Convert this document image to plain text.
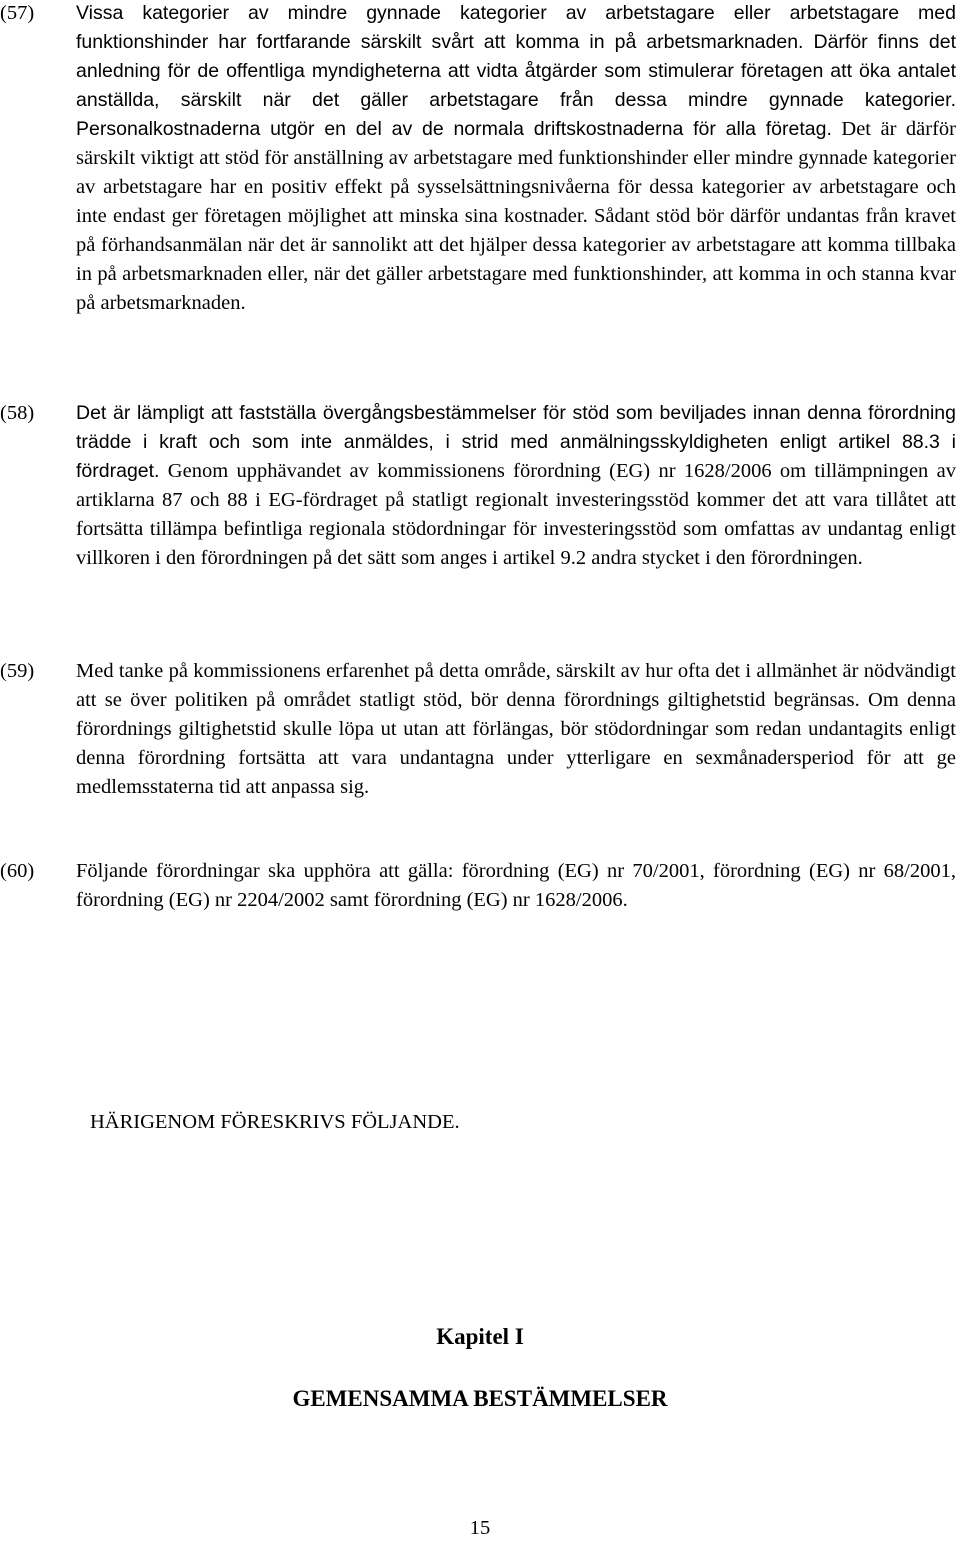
(57) Vissa kategorier av mindre gynnade kategorier av arbetstagare eller arbetstagare med funktionshinder har fortfarande särskilt svårt att komma in på arbetsmarknaden. Därför finns det anledning för de offentliga myndigheterna att vidta åtgärder som stimulerar företagen att öka antalet anställda, särskilt när det gäller arbetstagare från dessa mindre gynnade kategorier. Personalkostnaderna utgör en del av de normala driftskostnaderna för alla företag. Det är därför särskilt viktigt att stöd för anställning av arbetstagare med funktionshinder eller mindre gynnade kategorier av arbetstagare har en positiv effekt på sysselsättningsnivåerna för dessa kategorier av arbetstagare och inte endast ger företagen möjlighet att minska sina kostnader. Sådant stöd bör därför undantas från kravet på förhandsanmälan när det är sannolikt att det hjälper dessa kategorier av arbetstagare att komma tillbaka in på arbetsmarknaden eller, när det gäller arbetstagare med funktionshinder, att komma in och stanna kvar på arbetsmarknaden.
(58) Det är lämpligt att fastställa övergångsbestämmelser för stöd som beviljades innan denna förordning trädde i kraft och som inte anmäldes, i strid med anmälningsskyldigheten enligt artikel 88.3 i fördraget. Genom upphävandet av kommissionens förordning (EG) nr 1628/2006 om tillämpningen av artiklarna 87 och 88 i EG-fördraget på statligt regionalt investeringsstöd kommer det att vara tillåtet att fortsätta tillämpa befintliga regionala stödordningar för investeringsstöd som omfattas av undantag enligt villkoren i den förordningen på det sätt som anges i artikel 9.2 andra stycket i den förordningen.
(59) Med tanke på kommissionens erfarenhet på detta område, särskilt av hur ofta det i allmänhet är nödvändigt att se över politiken på området statligt stöd, bör denna förordnings giltighetstid begränsas. Om denna förordnings giltighetstid skulle löpa ut utan att förlängas, bör stödordningar som redan undantagits enligt denna förordning fortsätta att vara undantagna under ytterligare en sexmånadersperiod för att ge medlemsstaterna tid att anpassa sig.
(60) Följande förordningar ska upphöra att gälla: förordning (EG) nr 70/2001, förordning (EG) nr 68/2001, förordning (EG) nr 2204/2002 samt förordning (EG) nr 1628/2006.
HÄRIGENOM FÖRESKRIVS FÖLJANDE.
Kapitel I
GEMENSAMMA BESTÄMMELSER
15
